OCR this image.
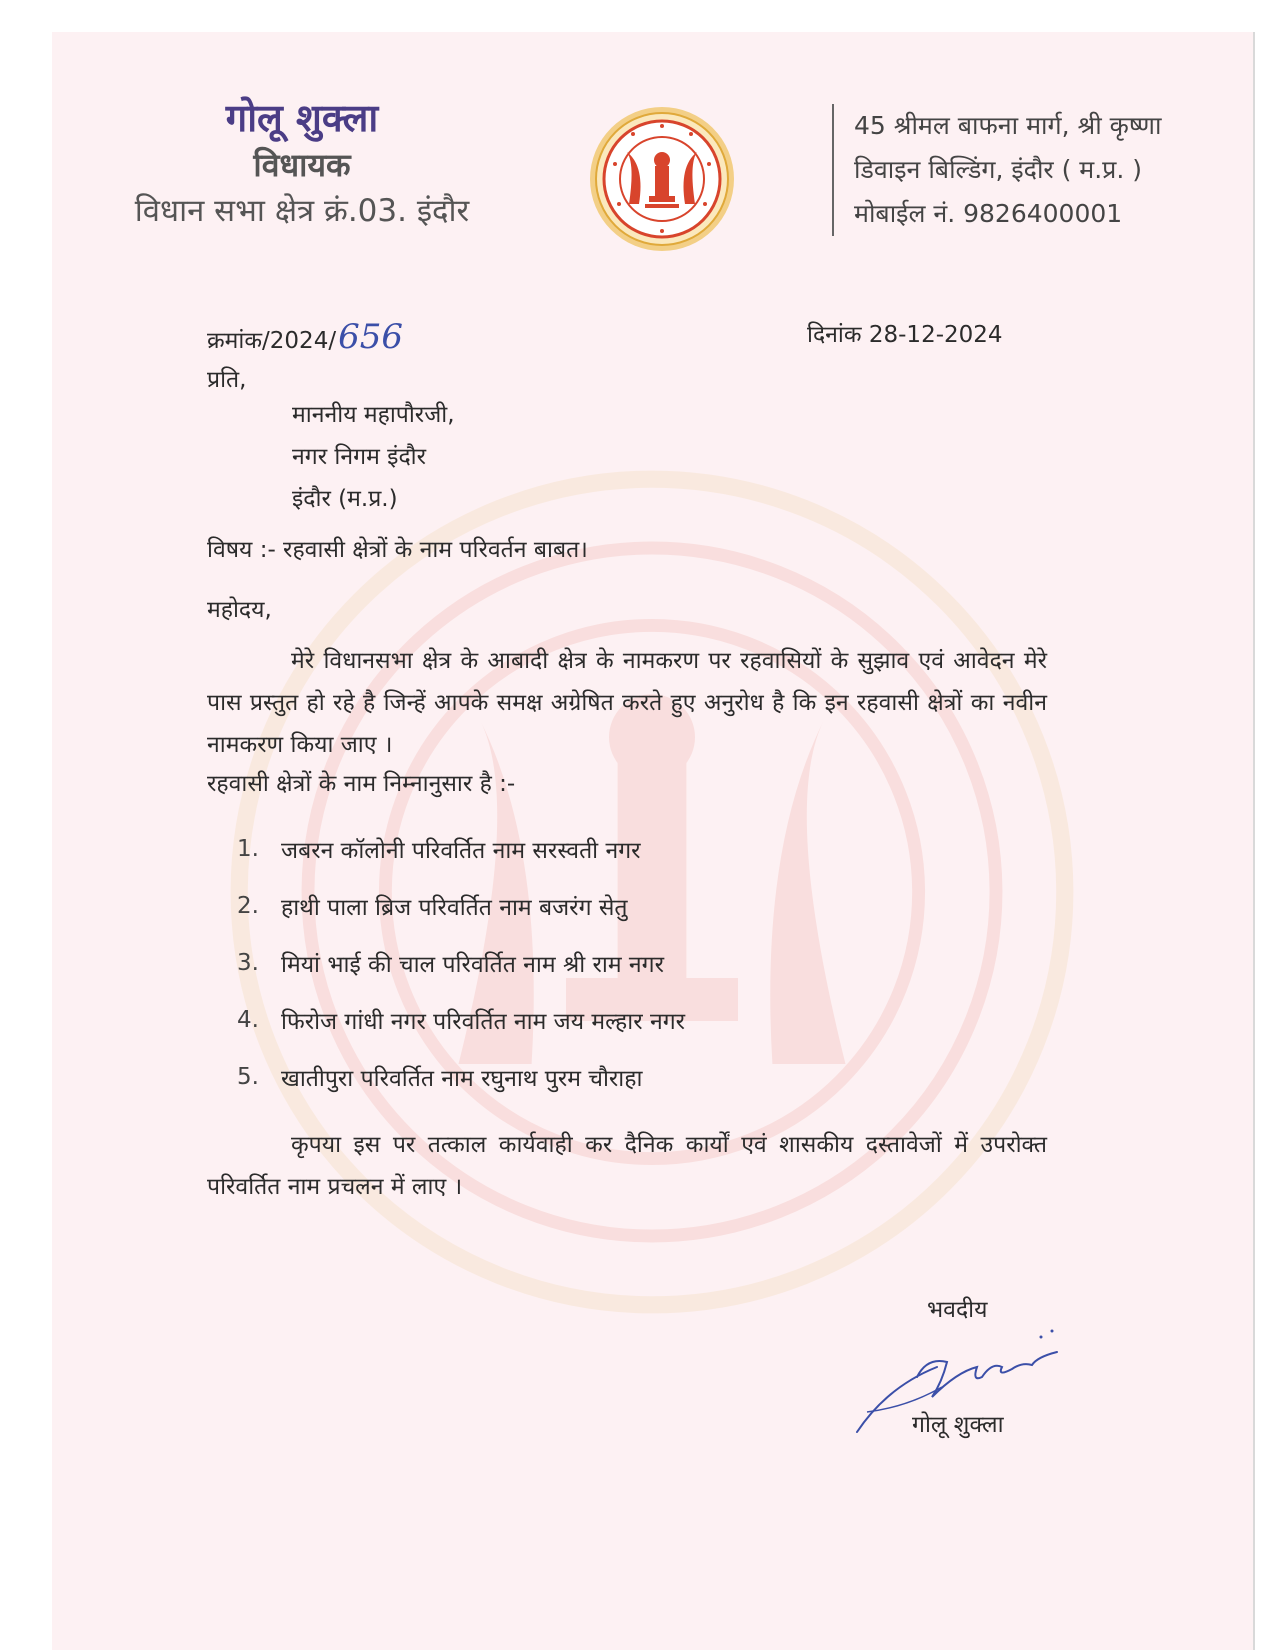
गोलू शुक्ला
विधायक
विधान सभा क्षेत्र क्रं.03. इंदौर
45 श्रीमल बाफना मार्ग, श्री कृष्णा
डिवाइन बिल्डिंग, इंदौर ( म.प्र. )
मोबाईल नं. 9826400001
क्रमांक/2024/656	दिनांक 28-12-2024
प्रति,
माननीय महापौरजी,
नगर निगम इंदौर
इंदौर (म.प्र.)
विषय :- रहवासी क्षेत्रों के नाम परिवर्तन बाबत।
महोदय,
मेरे विधानसभा क्षेत्र के आबादी क्षेत्र के नामकरण पर रहवासियों के सुझाव एवं आवेदन मेरे पास प्रस्तुत हो रहे है जिन्हें आपके समक्ष अग्रेषित करते हुए अनुरोध है कि इन रहवासी क्षेत्रों का नवीन नामकरण किया जाए ।
रहवासी क्षेत्रों के नाम निम्नानुसार है :-
1. जबरन कॉलोनी परिवर्तित नाम सरस्वती नगर
2. हाथी पाला ब्रिज परिवर्तित नाम बजरंग सेतु
3. मियां भाई की चाल परिवर्तित नाम श्री राम नगर
4. फिरोज गांधी नगर परिवर्तित नाम जय मल्हार नगर
5. खातीपुरा परिवर्तित नाम रघुनाथ पुरम चौराहा
कृपया इस पर तत्काल कार्यवाही कर दैनिक कार्यों एवं शासकीय दस्तावेजों में उपरोक्त परिवर्तित नाम प्रचलन में लाए ।
भवदीय
गोलू शुक्ला
